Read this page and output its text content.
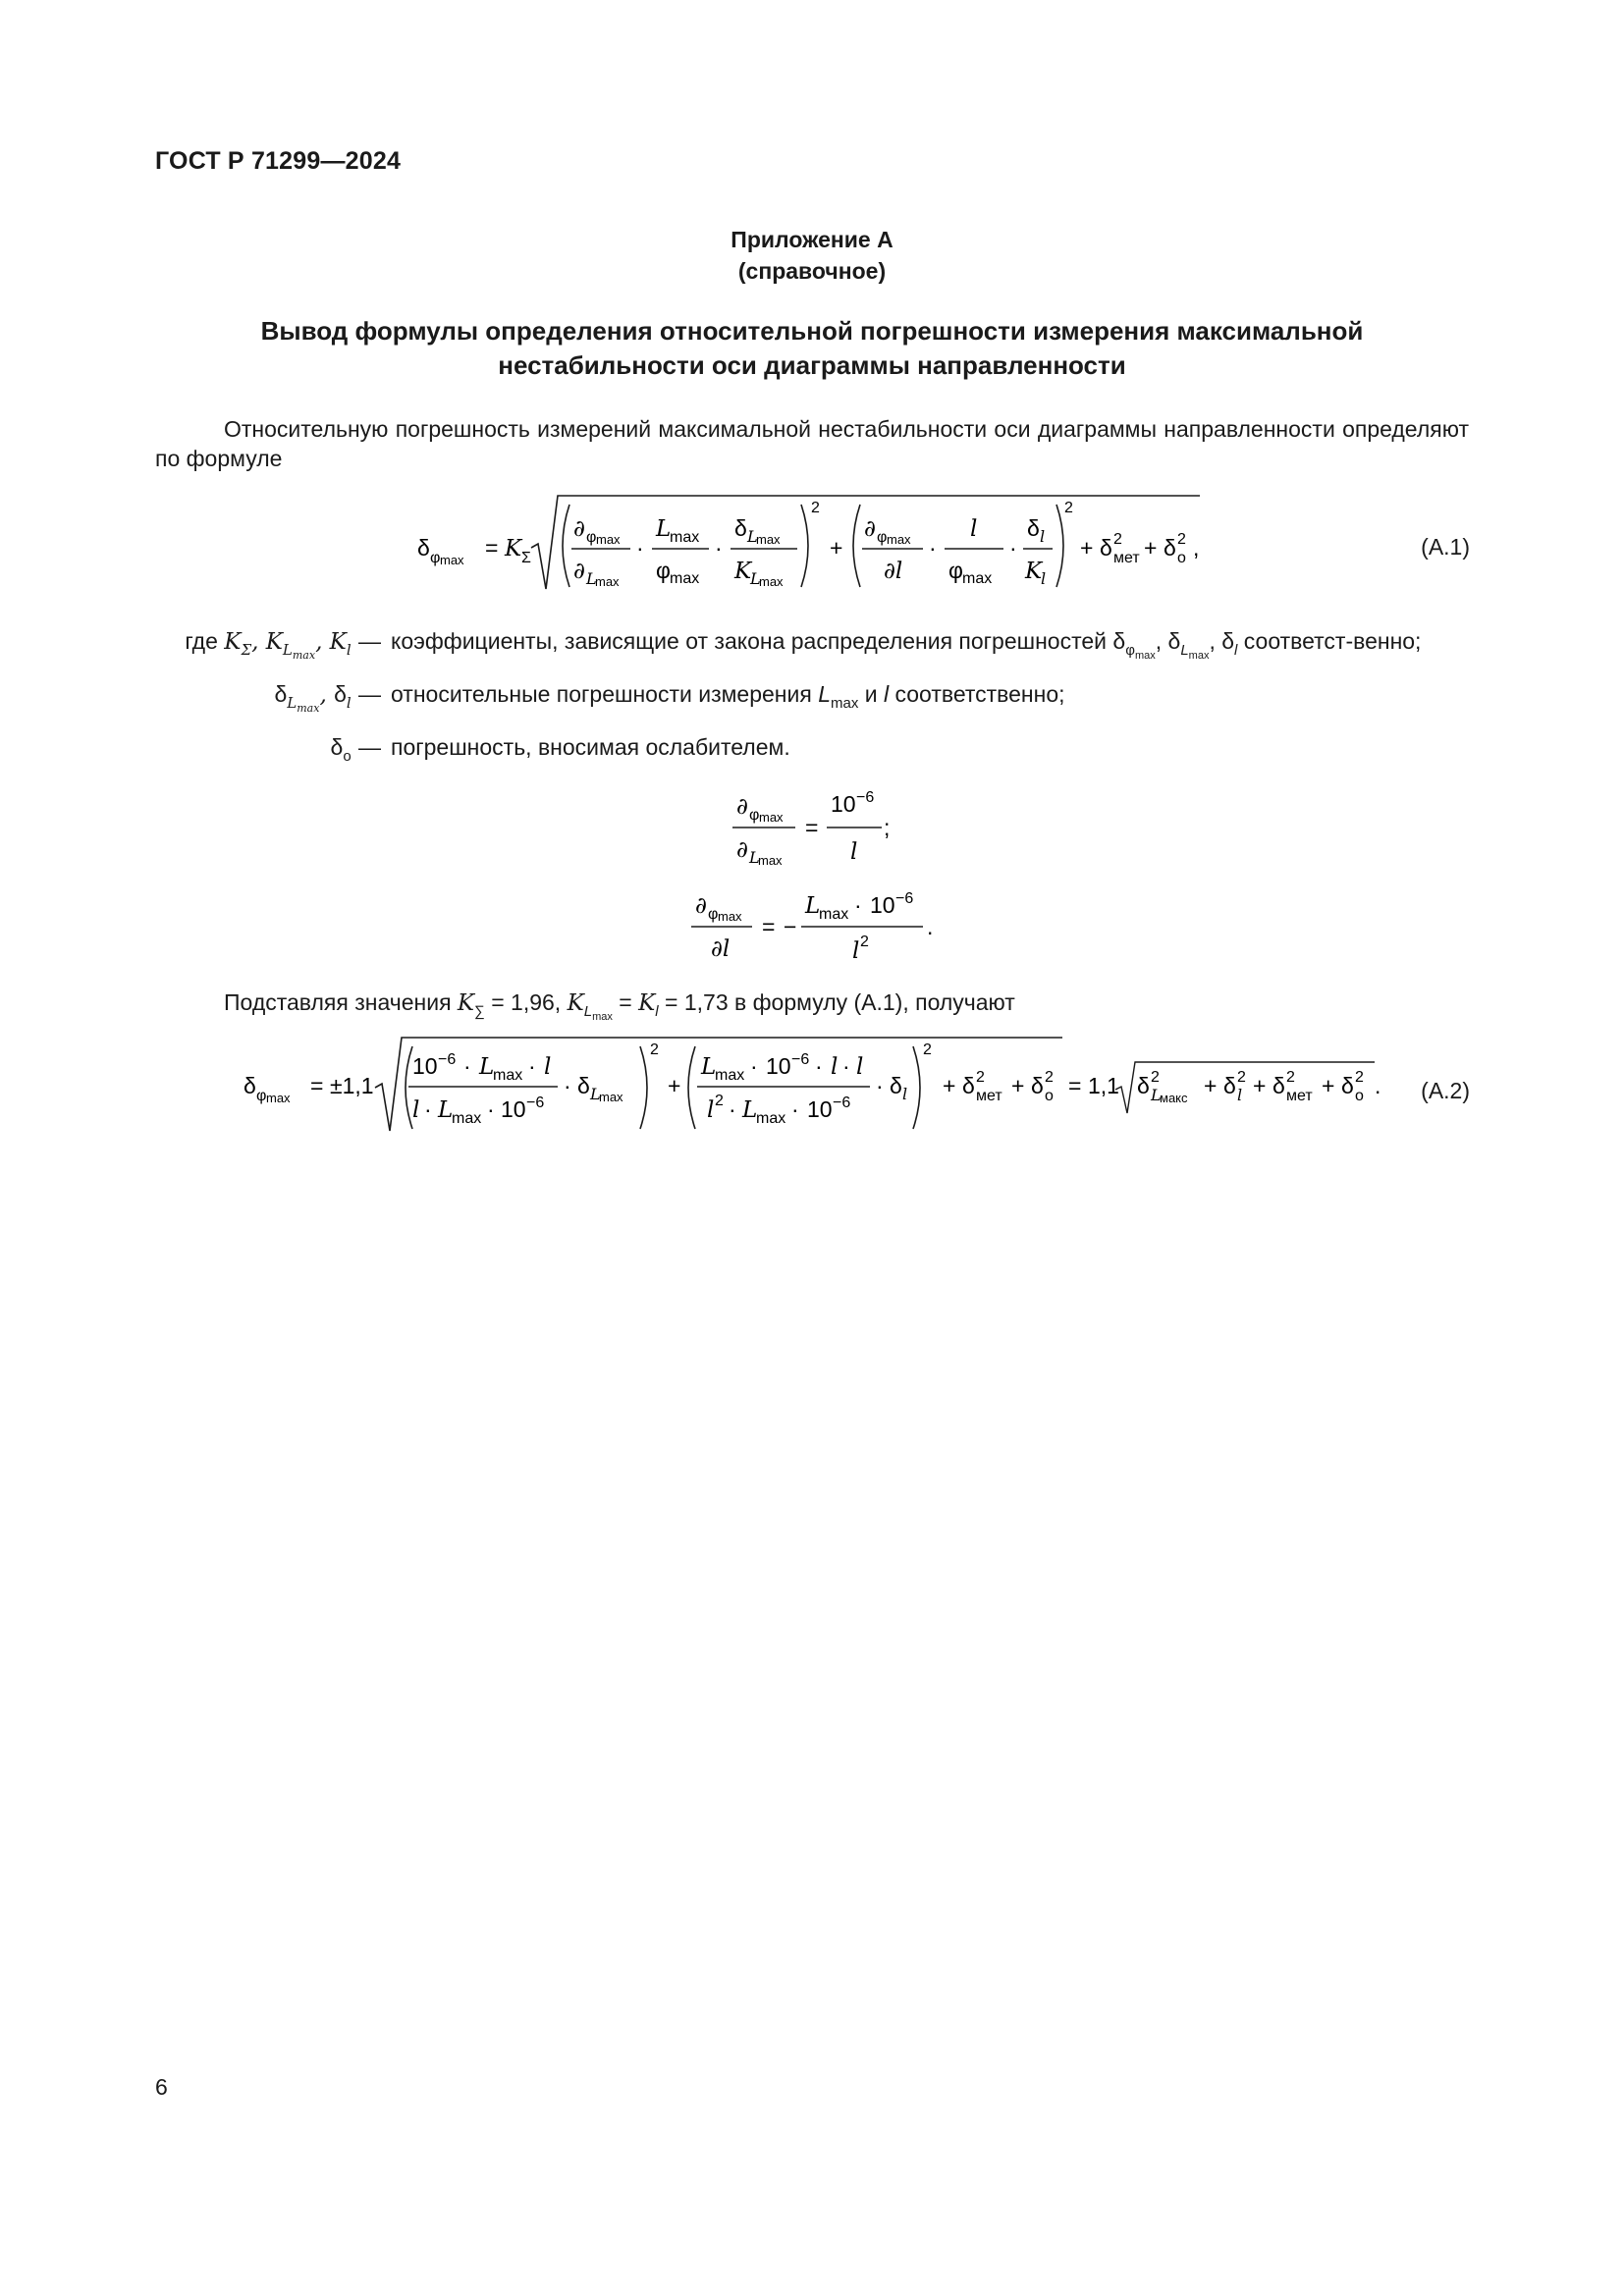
ГОСТ Р 71299—2024
Приложение А
(справочное)
Вывод формулы определения относительной погрешности измерения максимальной
нестабильности оси диаграммы направленности
Относительную погрешность измерений максимальной нестабильности оси диаграммы направленности определяют по формуле
δ φ max = K Σ
∂ φ max
∂ L
max
·
L
max
φ max
·
δ L
max
K
L
max
2
+
∂ φ max
∂l
·
l
φ max
·
δ l
K
l
2
+ δ 2
мет + δ 2
о ,	(А.1)
где $K_\Sigma$, $K_{L_{max}}$, $K_l$ — коэффициенты, зависящие от закона распределения погрешностей $\delta_{\varphi_{max}}$, $\delta_{L_{max}}$, $\delta_l$ соответст-венно;
$\delta_{L_{max}}$, $\delta_l$ — относительные погрешности измерения $L_{max}$ и l соответственно;
$\delta_о$ — погрешность, вносимая ослабителем.
∂ φ max
∂ L
max
=
10 −6
l
;
∂ φ max
∂l
= −
L
max · 10 −6
l 2
.
Подставляя значения $K_\sum = 1,96$, $K_{L_{max}} = K_l = 1,73$ в формулу (А.1), получают
δ φ max = ±1,1
10 −6 · L
max · l
l · L
max · 10 −6
· δ L
max
2
+
L
max · 10 −6 · l · l
l 2 · L
max · 10 −6
· δ l
2
+ δ 2
мет + δ 2
о = 1,1 δ 2
L
макс + δ 2
l + δ 2
мет + δ 2
о . (А.2)
6
